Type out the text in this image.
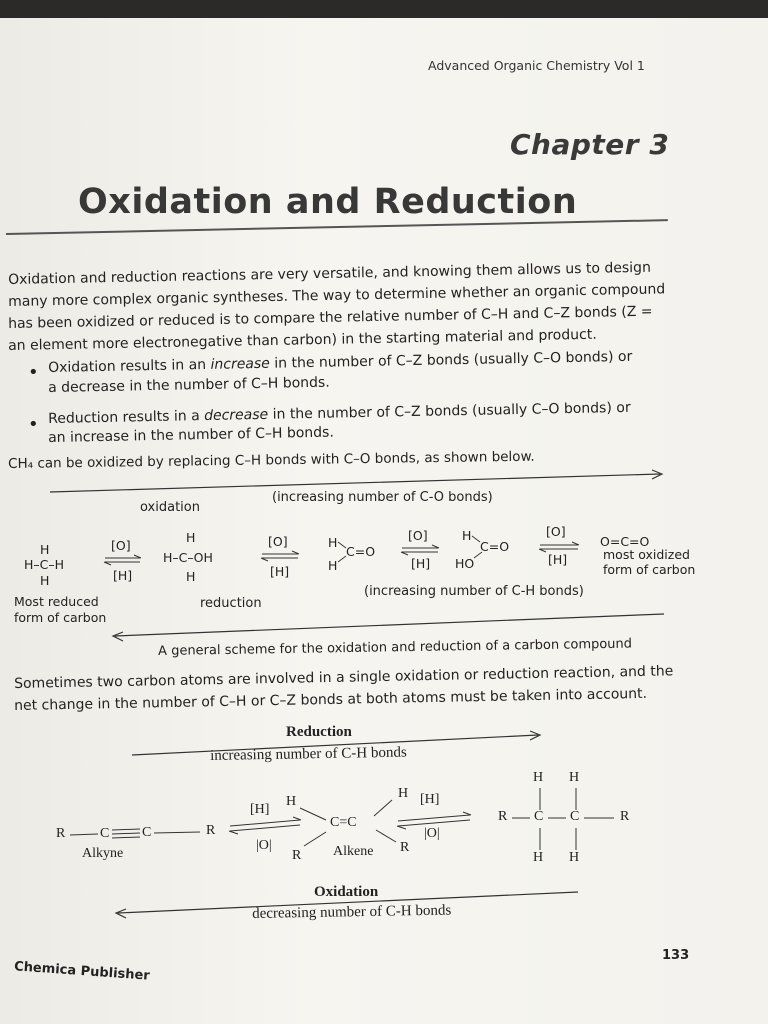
Advanced Organic Chemistry Vol 1
Chapter 3
Oxidation and Reduction
Oxidation and reduction reactions are very versatile, and knowing them allows us to design
many more complex organic syntheses. The way to determine whether an organic compound
has been oxidized or reduced is to compare the relative number of C–H and C–Z bonds (Z =
an element more electronegative than carbon) in the starting material and product.
• Oxidation results in an increase in the number of C–Z bonds (usually C–O bonds) or
a decrease in the number of C–H bonds.
• Reduction results in a decrease in the number of C–Z bonds (usually C–O bonds) or
an increase in the number of C–H bonds.
CH₄ can be oxidized by replacing C–H bonds with C–O bonds, as shown below.
oxidation
(increasing number of C-O bonds)
H
H–C–H
H
[O]
[H]
H
H–C–OH
H
[O]
[H]
H
C=O
H
[O]
[H]
H
C=O
HO
[O]
[H]
O=C=O
most oxidized
form of carbon
Most reduced
form of carbon
reduction
(increasing number of C-H bonds)
A general scheme for the oxidation and reduction of a carbon compound
Sometimes two carbon atoms are involved in a single oxidation or reduction reaction, and the
net change in the number of C–H or C–Z bonds at both atoms must be taken into account.
Reduction
increasing number of C-H bonds
R C C	R
Alkyne
[H]
|O|
H
R
C=C
H
R
Alkene
[H]
|O|
R C C	R
H H
H H
Oxidation
decreasing number of C-H bonds
133
Chemica Publisher
